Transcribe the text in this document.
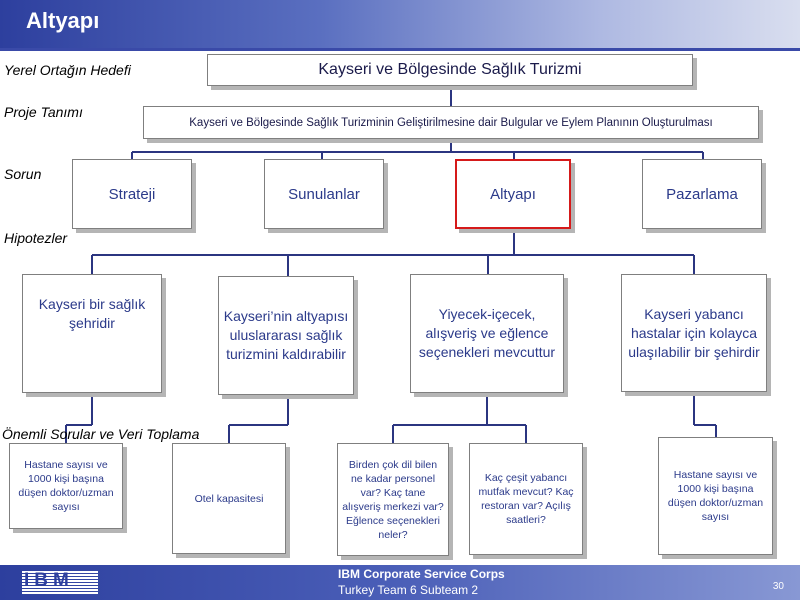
Altyapı
Yerel Ortağın Hedefi
Proje Tanımı
Sorun
Hipotezler
Kayseri ve Bölgesinde Sağlık Turizmi
Kayseri ve Bölgesinde Sağlık Turizminin Geliştirilmesine dair Bulgular ve Eylem Planının Oluşturulması
Strateji	Sunulanlar	Altyapı	Pazarlama
Kayseri bir sağlık şehridir	Kayseri’nin altyapısı uluslararası sağlık turizmini kaldırabilir
Yiyecek-içecek, alışveriş ve eğlence seçenekleri mevcuttur
Kayseri yabancı hastalar için kolayca ulaşılabilir bir şehirdir
Önemli Sorular ve Veri Toplama
Hastane sayısı ve 1000 kişi başına düşen doktor/uzman sayısı
Otel kapasitesi
Birden çok dil bilen ne kadar personel var? Kaç tane alışveriş merkezi var? Eğlence seçenekleri neler?
Kaç çeşit yabancı mutfak mevcut? Kaç restoran var? Açılış saatleri?
Hastane sayısı ve 1000 kişi başına düşen doktor/uzman sayısı
IBM	IBM Corporate Service Corps
Turkey Team 6 Subteam 2	30
